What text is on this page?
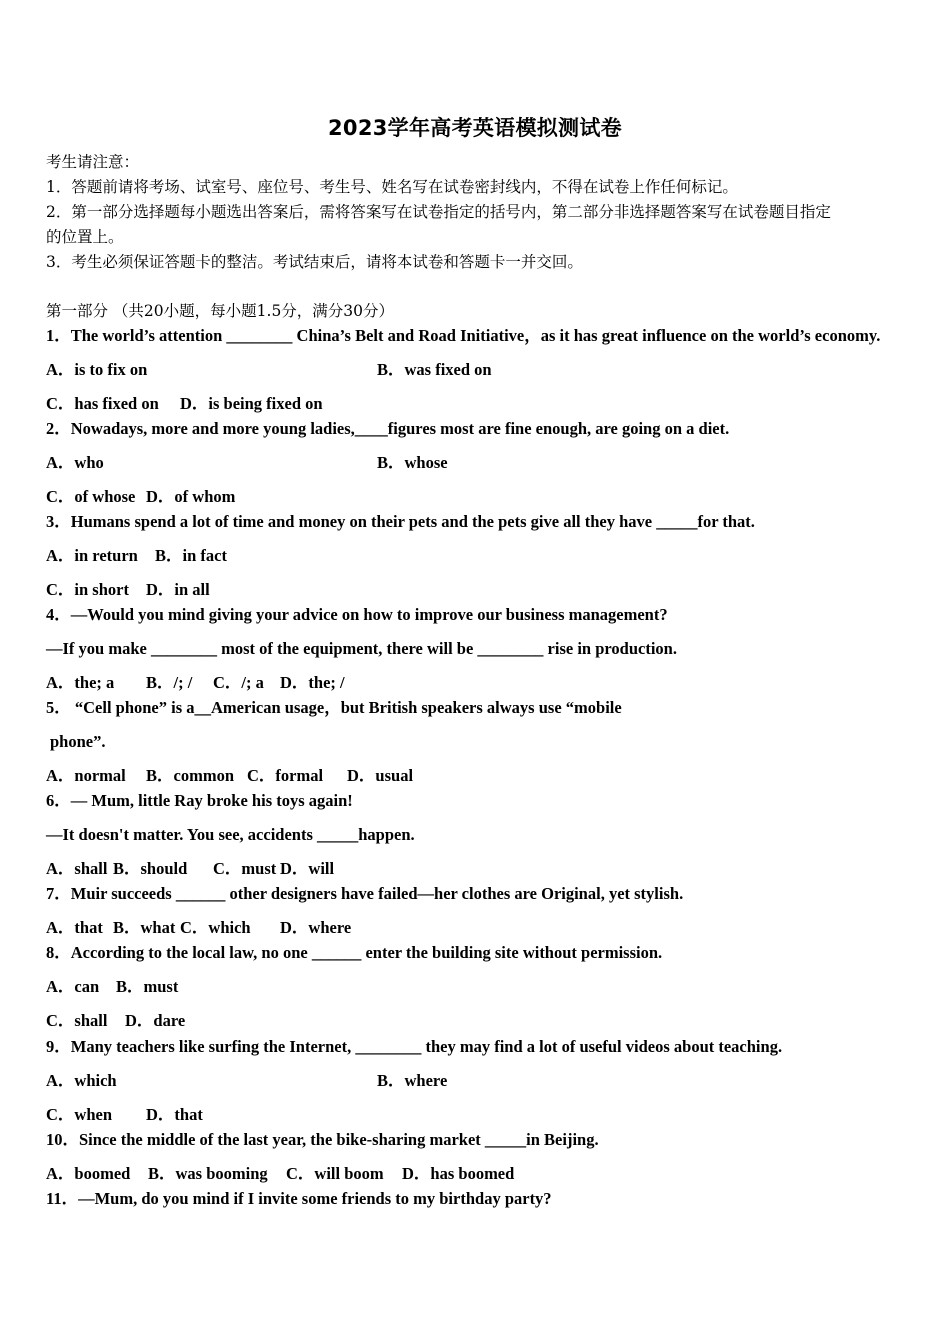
2023学年高考英语模拟测试卷
考生请注意：
1．答题前请将考场、试室号、座位号、考生号、姓名写在试卷密封线内，不得在试卷上作任何标记。
2．第一部分选择题每小题选出答案后，需将答案写在试卷指定的括号内，第二部分非选择题答案写在试卷题目指定
的位置上。
3．考生必须保证答题卡的整洁。考试结束后，请将本试卷和答题卡一并交回。
第一部分 （共20小题，每小题1.5分，满分30分）
1．The world’s attention ________ China’s Belt and Road Initiative，as it has great influence on the world’s economy.
A．is to fix on	B．was fixed on
C．has fixed on D．is being fixed on
2．Nowadays, more and more young ladies,____figures most are fine enough, are going on a diet.
A．who	B．whose
C．of whose D．of whom
3．Humans spend a lot of time and money on their pets and the pets give all they have _____for that.
A．in return B．in fact
C．in short D．in all
4．—Would you mind giving your advice on how to improve our business management?
—If you make ________ most of the equipment, there will be ________ rise in production.
A．the; a B．/; / C．/; a D．the; /
5． “Cell phone” is a__American usage，but British speakers always use “mobile
phone”.
A．normal B．common C．formal D．usual
6．— Mum, little Ray broke his toys again!
—It doesn't matter. You see, accidents _____happen.
A．shall B．should C．must D．will
7．Muir succeeds ______ other designers have failed—her clothes are Original, yet stylish.
A．that B．what C．which D．where
8．According to the local law, no one ______ enter the building site without permission.
A．can B．must
C．shall D．dare
9．Many teachers like surfing the Internet, ________ they may find a lot of useful videos about teaching.
A．which	B．where
C．when D．that
10．Since the middle of the last year, the bike-sharing market _____in Beijing.
A．boomed B．was booming C．will boom D．has boomed
11．—Mum, do you mind if I invite some friends to my birthday party?
